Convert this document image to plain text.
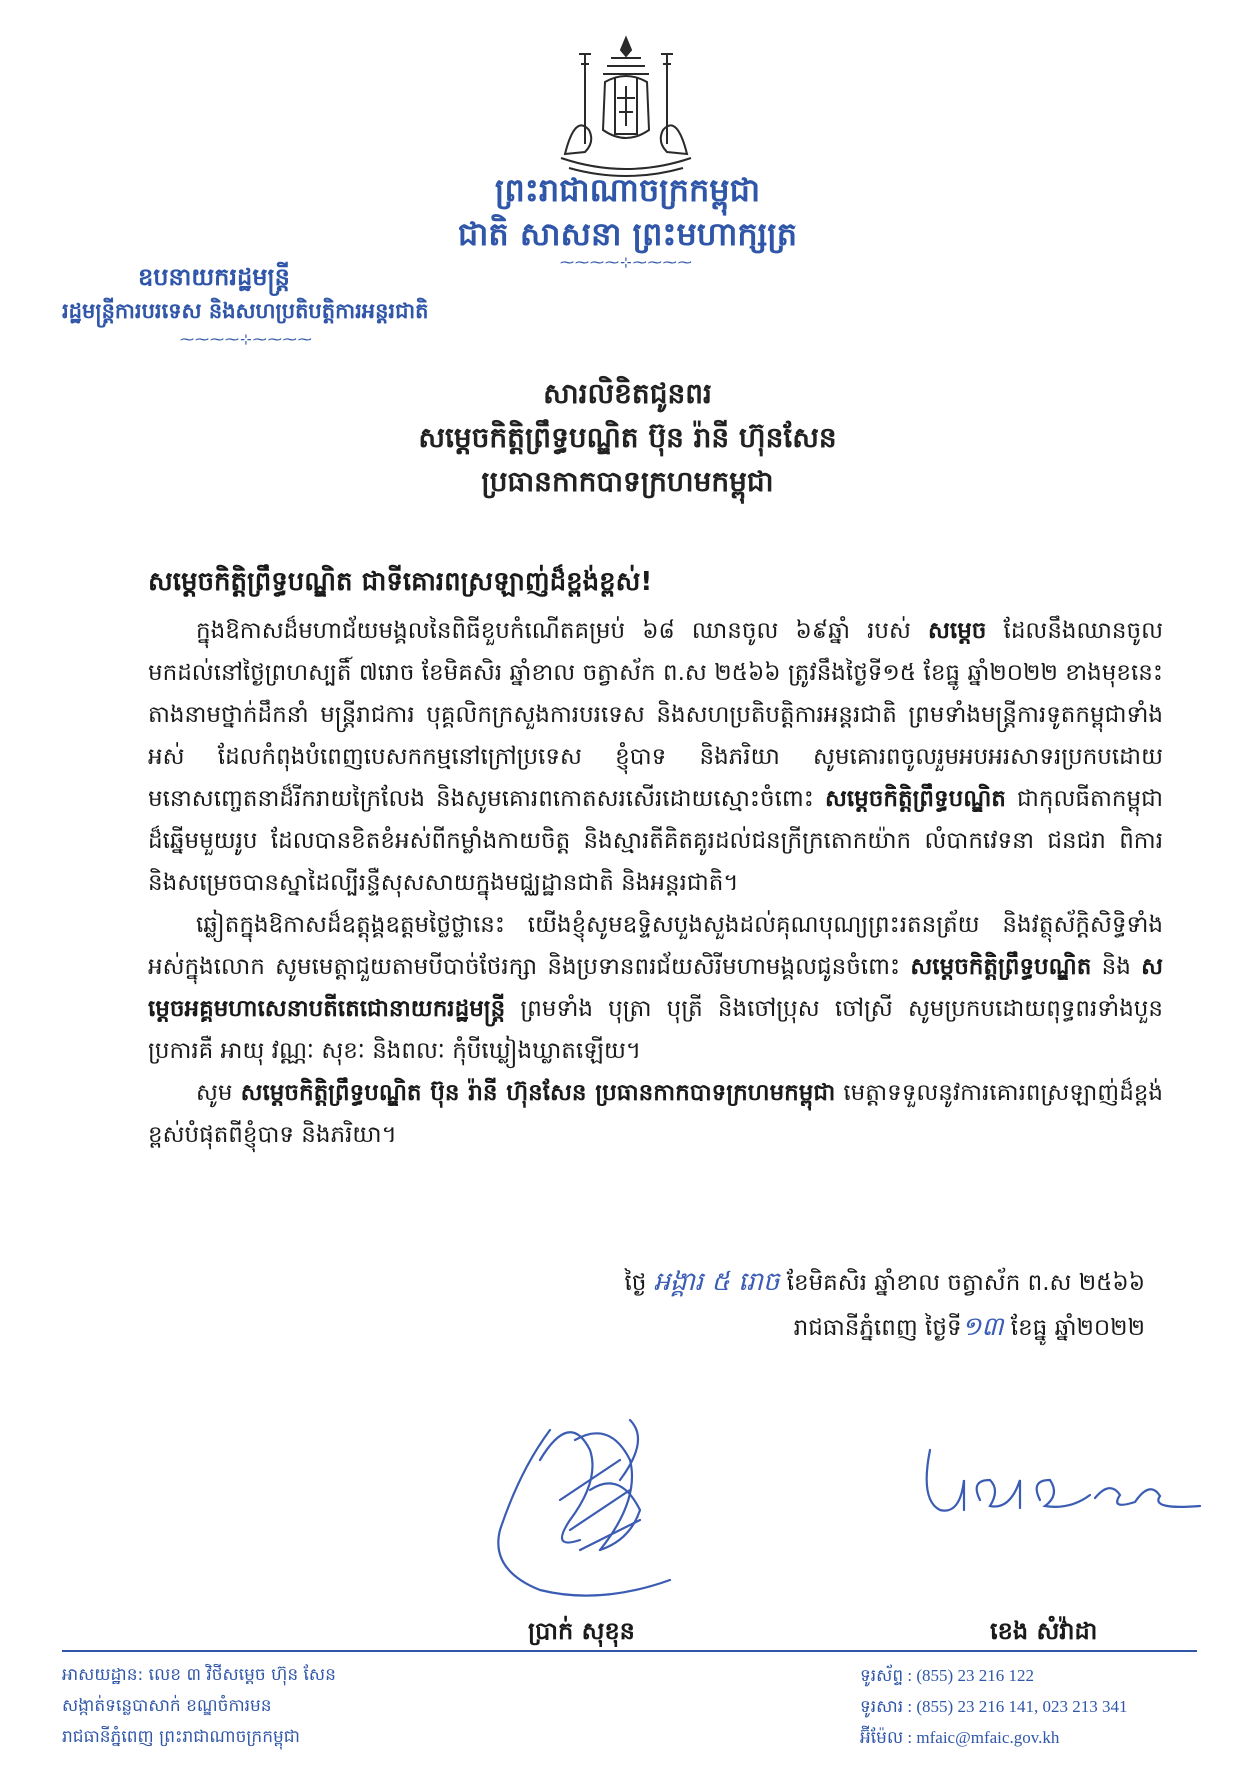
ព្រះរាជាណាចក្រកម្ពុជា
ជាតិ សាសនា ព្រះមហាក្សត្រ
⁓⁓⁓⁓⊹⁓⁓⁓⁓
ឧបនាយករដ្ឋមន្ត្រី
រដ្ឋមន្ត្រីការបរទេស និងសហប្រតិបត្តិការអន្តរជាតិ
⁓⁓⁓⁓⊹⁓⁓⁓⁓
សារលិខិតជូនពរ
សម្តេចកិត្តិព្រឹទ្ធបណ្ឌិត ប៊ុន រ៉ានី ហ៊ុនសែន
ប្រធានកាកបាទក្រហមកម្ពុជា
សម្តេចកិត្តិព្រឹទ្ធបណ្ឌិត ជាទីគោរពស្រឡាញ់ដ៏ខ្ពង់ខ្ពស់!

ក្នុងឱកាសដ៏មហាជ័យមង្គលនៃពិធីខួបកំណើតគម្រប់ ៦៨ ឈានចូល ៦៩ឆ្នាំ របស់ សម្តេច ដែលនឹងឈានចូលមកដល់នៅថ្ងៃព្រហស្បតិ៍ ៧រោច ខែមិគសិរ ឆ្នាំខាល ចត្វាស័ក ព.ស ២៥៦៦ ត្រូវនឹងថ្ងៃទី១៥ ខែធ្នូ ឆ្នាំ២០២២ ខាងមុខនេះ តាងនាមថ្នាក់ដឹកនាំ មន្ត្រីរាជការ បុគ្គលិកក្រសួងការបរទេស និងសហប្រតិបត្តិការអន្តរជាតិ ព្រមទាំងមន្ត្រីការទូតកម្ពុជាទាំងអស់ ដែលកំពុងបំពេញបេសកកម្មនៅក្រៅប្រទេស ខ្ញុំបាទ និងភរិយា សូមគោរពចូលរួមអបអរសាទរប្រកបដោយមនោសញ្ចេតនាដ៏រីករាយក្រៃលែង និងសូមគោរពកោតសរសើរដោយស្មោះចំពោះ សម្តេចកិត្តិព្រឹទ្ធបណ្ឌិត ជាកុលធីតាកម្ពុជាដ៏ឆ្នើមមួយរូប ដែលបានខិតខំអស់ពីកម្លាំងកាយចិត្ត និងស្មារតីគិតគូរដល់ជនក្រីក្រតោកយ៉ាក លំបាកវេទនា ជនជរា ពិការ និងសម្រេចបានស្នាដៃល្បីរន្ទឺសុសសាយក្នុងមជ្ឈដ្ឋានជាតិ និងអន្តរជាតិ។

ឆ្លៀតក្នុងឱកាសដ៏ឧត្តុង្គឧត្តមថ្លៃថ្លានេះ យើងខ្ញុំសូមឧទ្ទិសបួងសួងដល់គុណបុណ្យព្រះរតនត្រ័យ និងវត្ថុស័ក្តិសិទ្ធិទាំងអស់ក្នុងលោក សូមមេត្តាជួយតាមបីបាច់ថែរក្សា និងប្រទានពរជ័យសិរីមហាមង្គលជូនចំពោះ សម្តេចកិត្តិព្រឹទ្ធបណ្ឌិត និង សម្តេចអគ្គមហាសេនាបតីតេជោនាយករដ្ឋមន្ត្រី ព្រមទាំង បុត្រា បុត្រី និងចៅប្រុស ចៅស្រី សូមប្រកបដោយពុទ្ធពរទាំងបួនប្រការគឺ អាយុ វណ្ណៈ សុខៈ និងពលៈ កុំបីឃ្លៀងឃ្លាតឡើយ។

សូម សម្តេចកិត្តិព្រឹទ្ធបណ្ឌិត ប៊ុន រ៉ានី ហ៊ុនសែន ប្រធានកាកបាទក្រហមកម្ពុជា មេត្តាទទួលនូវការគោរពស្រឡាញ់ដ៏ខ្ពង់ខ្ពស់បំផុតពីខ្ញុំបាទ និងភរិយា។

ថ្ងៃ អង្គារ ៥ រោច ខែមិគសិរ ឆ្នាំខាល ចត្វាស័ក ព.ស ២៥៦៦
រាជធានីភ្នំពេញ ថ្ងៃទី១៣ ខែធ្នូ ឆ្នាំ២០២២
ប្រាក់ សុខុន	ខេង សំវ៉ាដា
អាសយដ្ឋាន: លេខ ៣ វិថីសម្តេច ហ៊ុន សែន
សង្កាត់ទន្លេបាសាក់ ខណ្ឌចំការមន
រាជធានីភ្នំពេញ ព្រះរាជាណាចក្រកម្ពុជា
ទូរស័ព្ទ : (855) 23 216 122
ទូរសារ : (855) 23 216 141, 023 213 341
អ៊ីម៉ែល : mfaic@mfaic.gov.kh
